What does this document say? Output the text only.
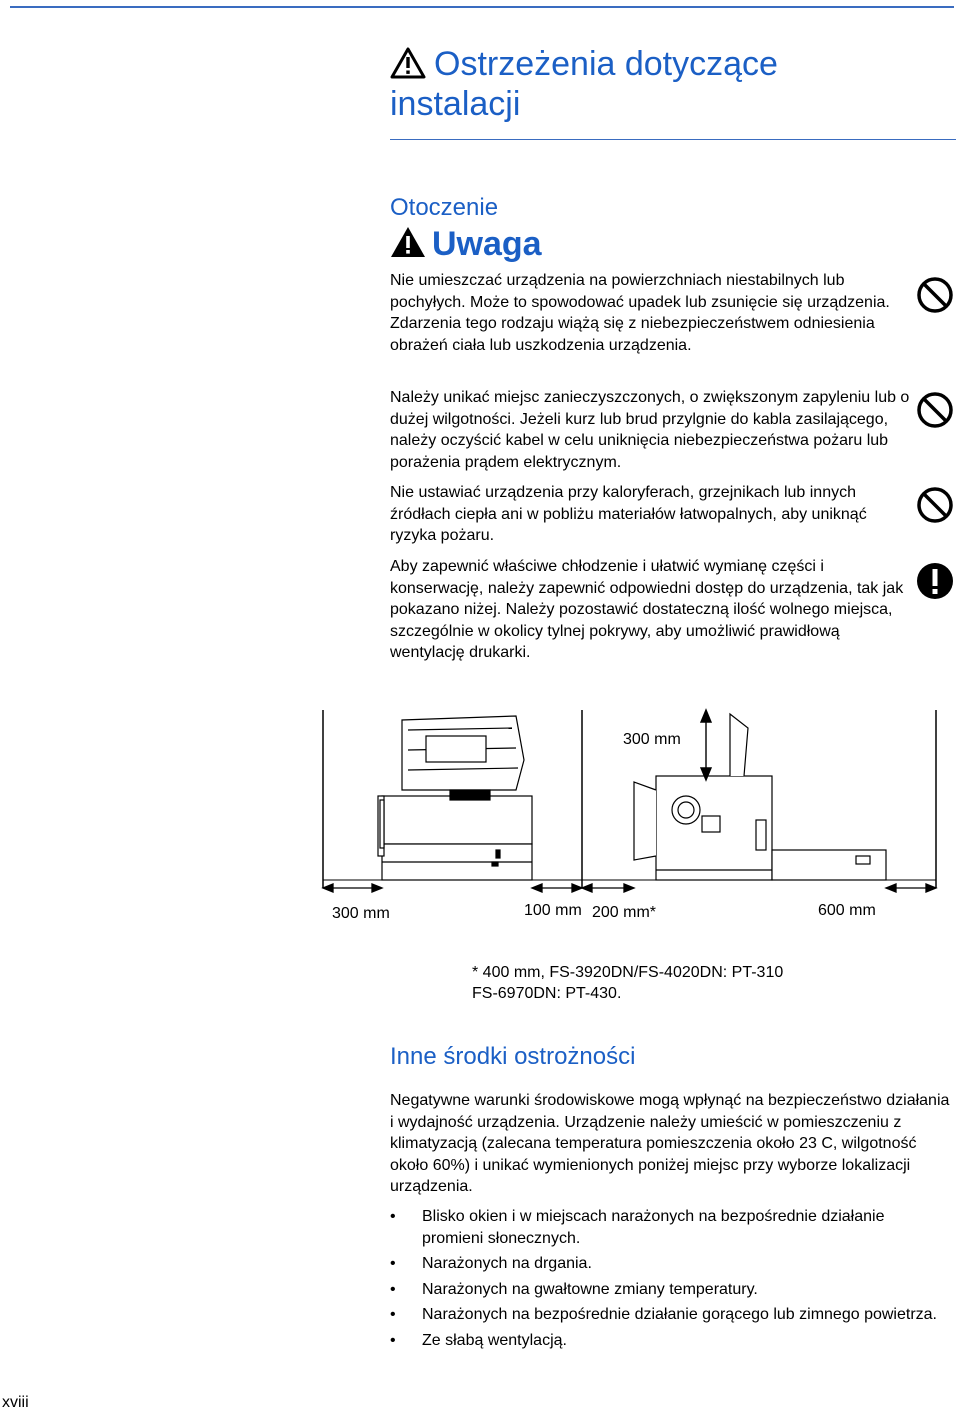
Ostrzeżenia dotyczące instalacji
Otoczenie
Uwaga

Nie umieszczać urządzenia na powierzchniach niestabilnych lub pochyłych. Może to spowodować upadek lub zsunięcie się urządzenia. Zdarzenia tego rodzaju wiążą się z niebezpieczeństwem odniesienia obrażeń ciała lub uszkodzenia urządzenia.

Należy unikać miejsc zanieczyszczonych, o zwiększonym zapyleniu lub o dużej wilgotności. Jeżeli kurz lub brud przylgnie do kabla zasilającego, należy oczyścić kabel w celu uniknięcia niebezpieczeństwa pożaru lub porażenia prądem elektrycznym.

Nie ustawiać urządzenia przy kaloryferach, grzejnikach lub innych źródłach ciepła ani w pobliżu materiałów łatwopalnych, aby uniknąć ryzyka pożaru.

Aby zapewnić właściwe chłodzenie i ułatwić wymianę części i konserwację, należy zapewnić odpowiedni dostęp do urządzenia, tak jak pokazano niżej. Należy pozostawić dostateczną ilość wolnego miejsca, szczególnie w okolicy tylnej pokrywy, aby umożliwić prawidłową wentylację drukarki.

300 mm
300 mm	100 mm 200 mm*	600 mm
* 400 mm, FS-3920DN/FS-4020DN: PT-310
FS-6970DN: PT-430.
Inne środki ostrożności

Negatywne warunki środowiskowe mogą wpłynąć na bezpieczeństwo działania i wydajność urządzenia. Urządzenie należy umieścić w pomieszczeniu z klimatyzacją (zalecana temperatura pomieszczenia około 23 C, wilgotność około 60%) i unikać wymienionych poniżej miejsc przy wyborze lokalizacji urządzenia.

• Blisko okien i w miejscach narażonych na bezpośrednie działanie promieni słonecznych.
• Narażonych na drgania.
• Narażonych na gwałtowne zmiany temperatury.
• Narażonych na bezpośrednie działanie gorącego lub zimnego powietrza.
• Ze słabą wentylacją.
xviii
